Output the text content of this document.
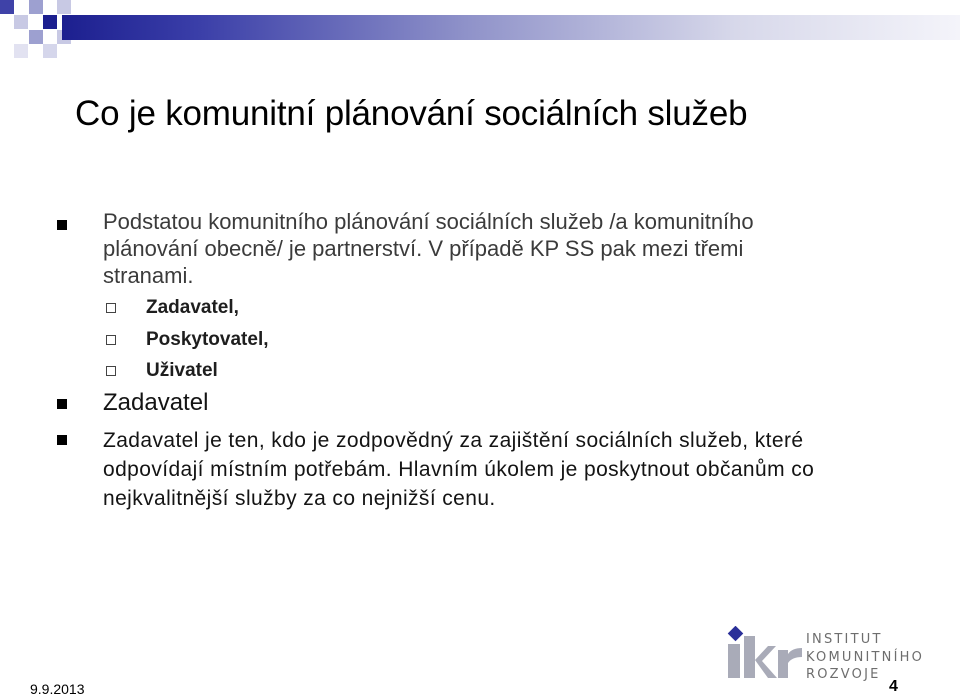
Co je komunitní plánování sociálních služeb
Podstatou komunitního plánování sociálních služeb /a komunitního
plánování obecně/ je partnerství. V případě KP SS pak mezi třemi
stranami.
Zadavatel,
Poskytovatel,
Uživatel
Zadavatel
Zadavatel je ten, kdo je zodpovědný za zajištění sociálních služeb, které
odpovídají místním potřebám. Hlavním úkolem je poskytnout občanům co
nejkvalitnější služby za co nejnižší cenu.
INSTITUT
KOMUNITNÍHO
ROZVOJE
9.9.2013	4
